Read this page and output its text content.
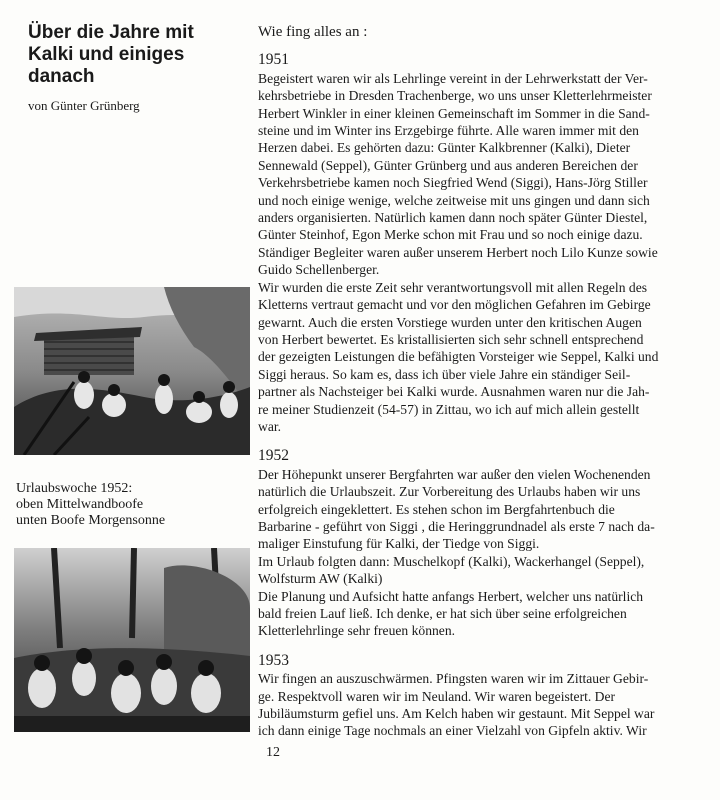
Über die Jahre mit
Kalki und einiges
danach
von Günter Grünberg
Urlaubswoche 1952:
oben Mittelwandboofe
unten Boofe Morgensonne
Wie fing alles an :
1951
Begeistert waren wir als Lehrlinge vereint in der Lehrwerkstatt der Ver-
kehrsbetriebe in Dresden Trachenberge, wo uns unser Kletterlehrmeister
Herbert Winkler in einer kleinen Gemeinschaft im Sommer in die Sand-
steine und im Winter ins Erzgebirge führte. Alle waren immer mit den
Herzen dabei. Es gehörten dazu: Günter Kalkbrenner (Kalki), Dieter
Sennewald (Seppel), Günter Grünberg und aus anderen Bereichen der
Verkehrsbetriebe kamen noch Siegfried Wend (Siggi), Hans-Jörg Stiller
und noch einige wenige, welche zeitweise mit uns gingen und dann sich
anders organisierten. Natürlich kamen dann noch später Günter Diestel,
Günter Steinhof, Egon Merke schon mit Frau und so noch einige dazu.
Ständiger Begleiter waren außer unserem Herbert noch Lilo Kunze sowie
Guido Schellenberger.
Wir wurden die erste Zeit sehr verantwortungsvoll mit allen Regeln des
Kletterns vertraut gemacht und vor den möglichen Gefahren im Gebirge
gewarnt. Auch die ersten Vorstiege wurden unter den kritischen Augen
von Herbert bewertet. Es kristallisierten sich sehr schnell entsprechend
der gezeigten Leistungen die befähigten Vorsteiger wie Seppel, Kalki und
Siggi heraus. So kam es, dass ich über viele Jahre ein ständiger Seil-
partner als Nachsteiger bei Kalki wurde. Ausnahmen waren nur die Jah-
re meiner Studienzeit (54-57) in Zittau, wo ich auf mich allein gestellt
war.
1952
Der Höhepunkt unserer Bergfahrten war außer den vielen Wochenenden
natürlich die Urlaubszeit. Zur Vorbereitung des Urlaubs haben wir uns
erfolgreich eingeklettert. Es stehen schon im Bergfahrtenbuch die
Barbarine - geführt von Siggi , die Heringgrundnadel als erste 7 nach da-
maliger Einstufung für Kalki, der Tiedge von Siggi.
Im Urlaub folgten dann: Muschelkopf (Kalki), Wackerhangel (Seppel),
Wolfsturm AW (Kalki)
Die Planung und Aufsicht hatte anfangs Herbert, welcher uns natürlich
bald freien Lauf ließ. Ich denke, er hat sich über seine erfolgreichen
Kletterlehrlinge sehr freuen können.
1953
Wir fingen an auszuschwärmen. Pfingsten waren wir im Zittauer Gebir-
ge. Respektvoll waren wir im Neuland. Wir waren begeistert. Der
Jubiläumsturm gefiel uns. Am Kelch haben wir gestaunt. Mit Seppel war
ich dann einige Tage nochmals an einer Vielzahl von Gipfeln aktiv. Wir
12
